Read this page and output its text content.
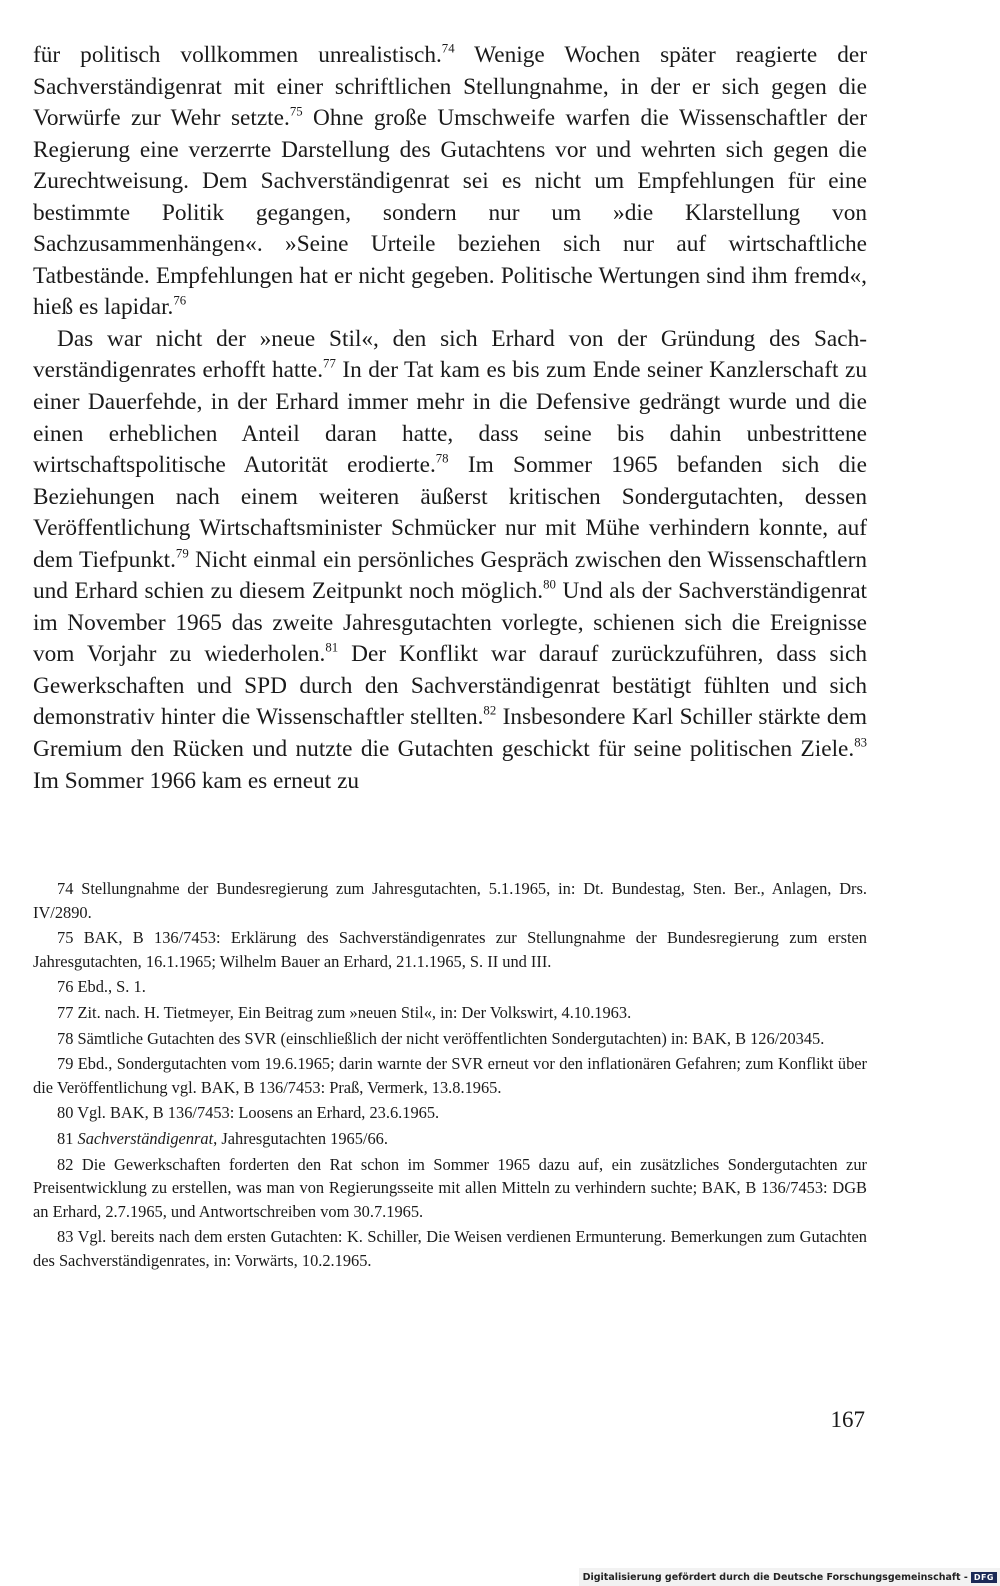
für politisch vollkommen unrealistisch.$^{74}$ Wenige Wochen später reagierte der Sachverständigenrat mit einer schriftlichen Stellungnahme, in der er sich gegen die Vorwürfe zur Wehr setzte.$^{75}$ Ohne große Umschweife warfen die Wissenschaftler der Regierung eine verzerrte Darstellung des Gutachtens vor und wehrten sich gegen die Zurechtweisung. Dem Sachverständigenrat sei es nicht um Empfehlungen für eine bestimmte Politik gegangen, sondern nur um »die Klarstellung von Sachzusammenhängen«. »Seine Urteile beziehen sich nur auf wirtschaftliche Tatbestände. Empfehlungen hat er nicht gegeben. Politische Wertungen sind ihm fremd«, hieß es lapidar.$^{76}$

Das war nicht der »neue Stil«, den sich Erhard von der Gründung des Sachverständigenrates erhofft hatte.$^{77}$ In der Tat kam es bis zum Ende seiner Kanzlerschaft zu einer Dauerfehde, in der Erhard immer mehr in die Defensive gedrängt wurde und die einen erheblichen Anteil daran hatte, dass seine bis dahin unbestrittene wirtschaftspolitische Autorität erodierte.$^{78}$ Im Sommer 1965 befanden sich die Beziehungen nach einem weiteren äußerst kritischen Sondergutachten, dessen Veröffentlichung Wirtschaftsminister Schmücker nur mit Mühe verhindern konnte, auf dem Tiefpunkt.$^{79}$ Nicht einmal ein persönliches Gespräch zwischen den Wissenschaftlern und Erhard schien zu diesem Zeitpunkt noch möglich.$^{80}$ Und als der Sachverständigenrat im November 1965 das zweite Jahresgutachten vorlegte, schienen sich die Ereignisse vom Vorjahr zu wiederholen.$^{81}$ Der Konflikt war darauf zurückzuführen, dass sich Gewerkschaften und SPD durch den Sachverständigenrat bestätigt fühlten und sich demonstrativ hinter die Wissenschaftler stellten.$^{82}$ Insbesondere Karl Schiller stärkte dem Gremium den Rücken und nutzte die Gutachten geschickt für seine politischen Ziele.$^{83}$ Im Sommer 1966 kam es erneut zu

74 Stellungnahme der Bundesregierung zum Jahresgutachten, 5.1.1965, in: Dt. Bundestag, Sten. Ber., Anlagen, Drs. IV/2890.

75 BAK, B 136/7453: Erklärung des Sachverständigenrates zur Stellungnahme der Bundesregierung zum ersten Jahresgutachten, 16.1.1965; Wilhelm Bauer an Erhard, 21.1.1965, S. II und III.

76 Ebd., S. 1.

77 Zit. nach. H. Tietmeyer, Ein Beitrag zum »neuen Stil«, in: Der Volkswirt, 4.10.1963.

78 Sämtliche Gutachten des SVR (einschließlich der nicht veröffentlichten Sondergutachten) in: BAK, B 126/20345.

79 Ebd., Sondergutachten vom 19.6.1965; darin warnte der SVR erneut vor den inflationären Gefahren; zum Konflikt über die Veröffentlichung vgl. BAK, B 136/7453: Praß, Vermerk, 13.8.1965.

80 Vgl. BAK, B 136/7453: Loosens an Erhard, 23.6.1965.

81 Sachverständigenrat, Jahresgutachten 1965/66.

82 Die Gewerkschaften forderten den Rat schon im Sommer 1965 dazu auf, ein zusätzliches Sondergutachten zur Preisentwicklung zu erstellen, was man von Regierungsseite mit allen Mitteln zu verhindern suchte; BAK, B 136/7453: DGB an Erhard, 2.7.1965, und Antwortschreiben vom 30.7.1965.

83 Vgl. bereits nach dem ersten Gutachten: K. Schiller, Die Weisen verdienen Ermunterung. Bemerkungen zum Gutachten des Sachverständigenrates, in: Vorwärts, 10.2.1965.

167
Digitalisierung gefördert durch die Deutsche Forschungsgemeinschaft - DFG
